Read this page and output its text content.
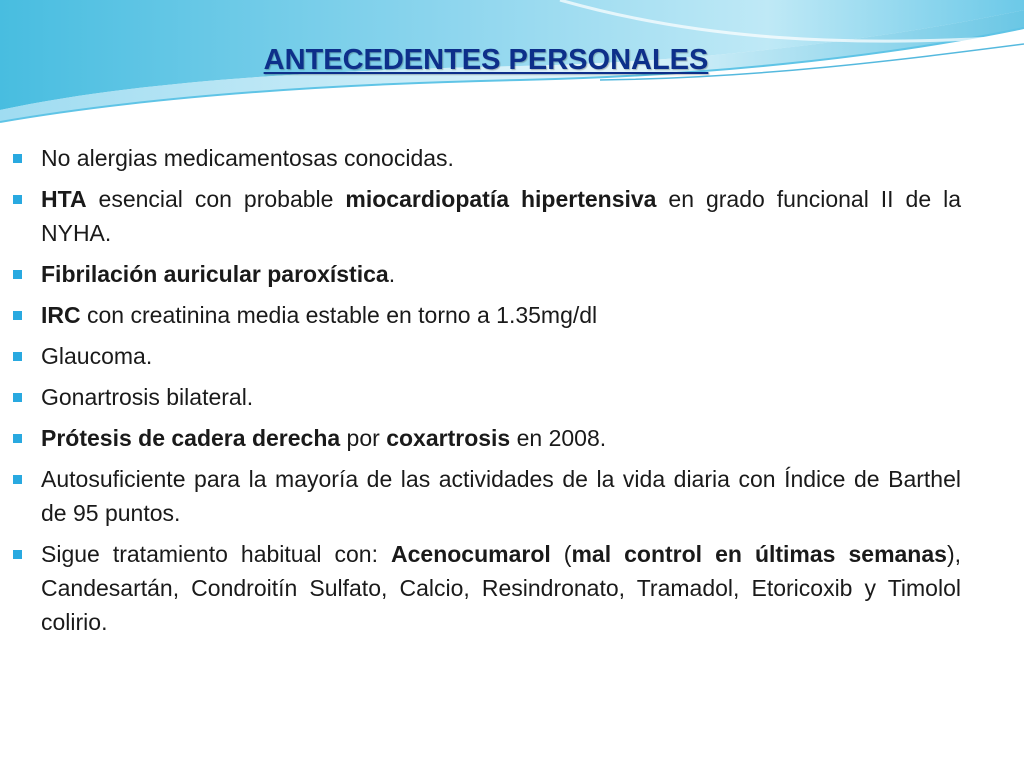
ANTECEDENTES PERSONALES
No alergias medicamentosas conocidas.
HTA esencial con probable miocardiopatía hipertensiva en grado funcional II de la NYHA.
Fibrilación auricular paroxística.
IRC con creatinina media estable en torno a 1.35mg/dl
Glaucoma.
Gonartrosis bilateral.
Prótesis de cadera derecha por coxartrosis en 2008.
Autosuficiente para la mayoría de las actividades de la vida diaria con Índice de Barthel de 95 puntos.
Sigue tratamiento habitual con: Acenocumarol (mal control en últimas semanas), Candesartán, Condroitín Sulfato, Calcio, Resindronato, Tramadol, Etoricoxib y Timolol colirio.
